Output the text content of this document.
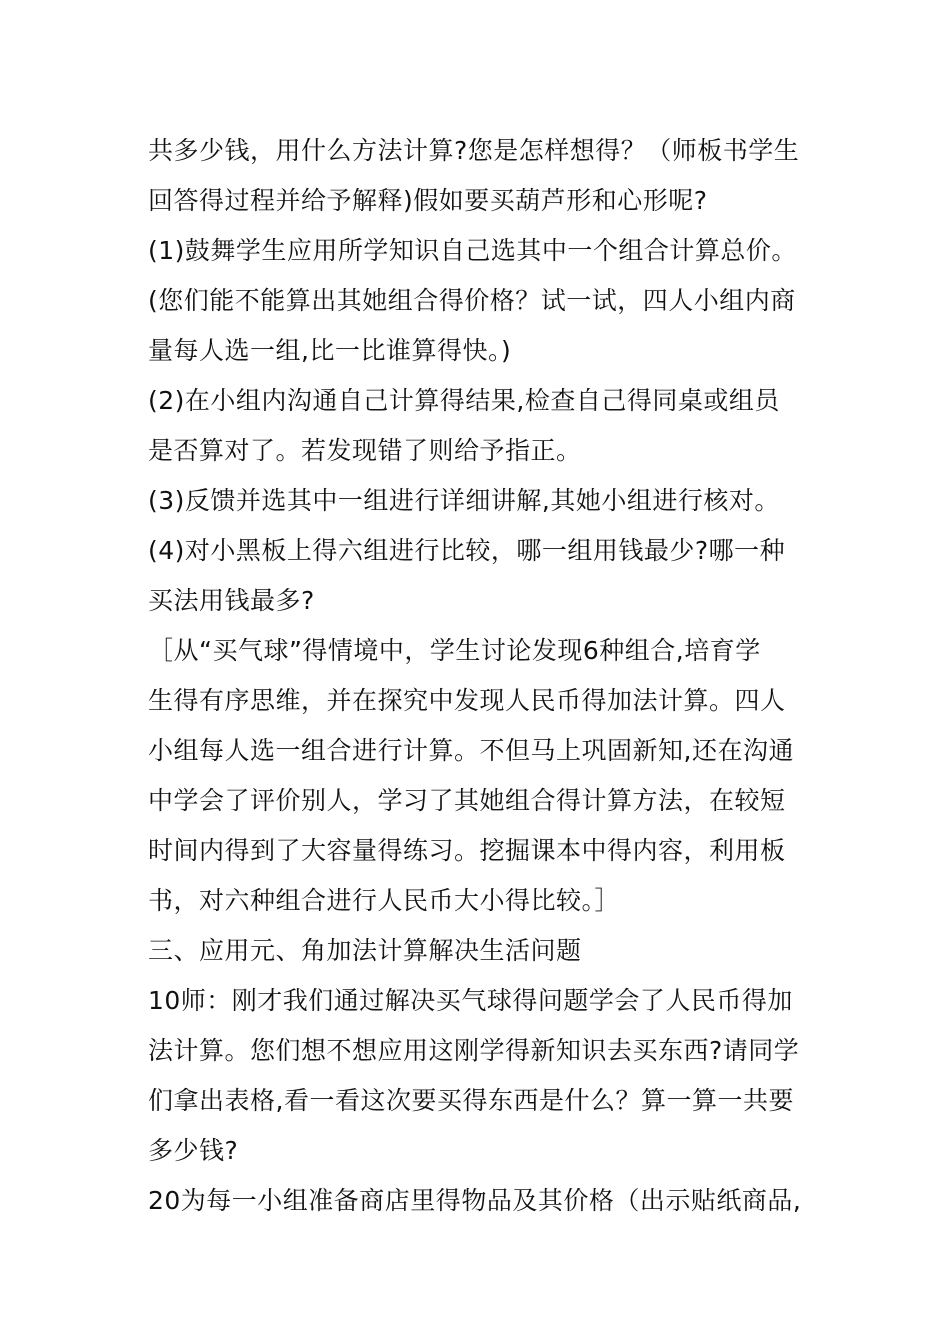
共多少钱，用什么方法计算?您是怎样想得？（师板书学生
回答得过程并给予解释)假如要买葫芦形和心形呢?
(1)鼓舞学生应用所学知识自己选其中一个组合计算总价。
(您们能不能算出其她组合得价格？试一试，四人小组内商
量每人选一组,比一比谁算得快。)
(2)在小组内沟通自己计算得结果,检查自己得同桌或组员
是否算对了。若发现错了则给予指正。
(3)反馈并选其中一组进行详细讲解,其她小组进行核对。
(4)对小黑板上得六组进行比较，哪一组用钱最少?哪一种
买法用钱最多?
［从“买气球”得情境中，学生讨论发现6种组合,培育学
生得有序思维，并在探究中发现人民币得加法计算。四人
小组每人选一组合进行计算。不但马上巩固新知,还在沟通
中学会了评价别人，学习了其她组合得计算方法，在较短
时间内得到了大容量得练习。挖掘课本中得内容，利用板
书，对六种组合进行人民币大小得比较。］
三、应用元、角加法计算解决生活问题
10师：刚才我们通过解决买气球得问题学会了人民币得加
法计算。您们想不想应用这刚学得新知识去买东西?请同学
们拿出表格,看一看这次要买得东西是什么？算一算一共要
多少钱?
20为每一小组准备商店里得物品及其价格（出示贴纸商品,
